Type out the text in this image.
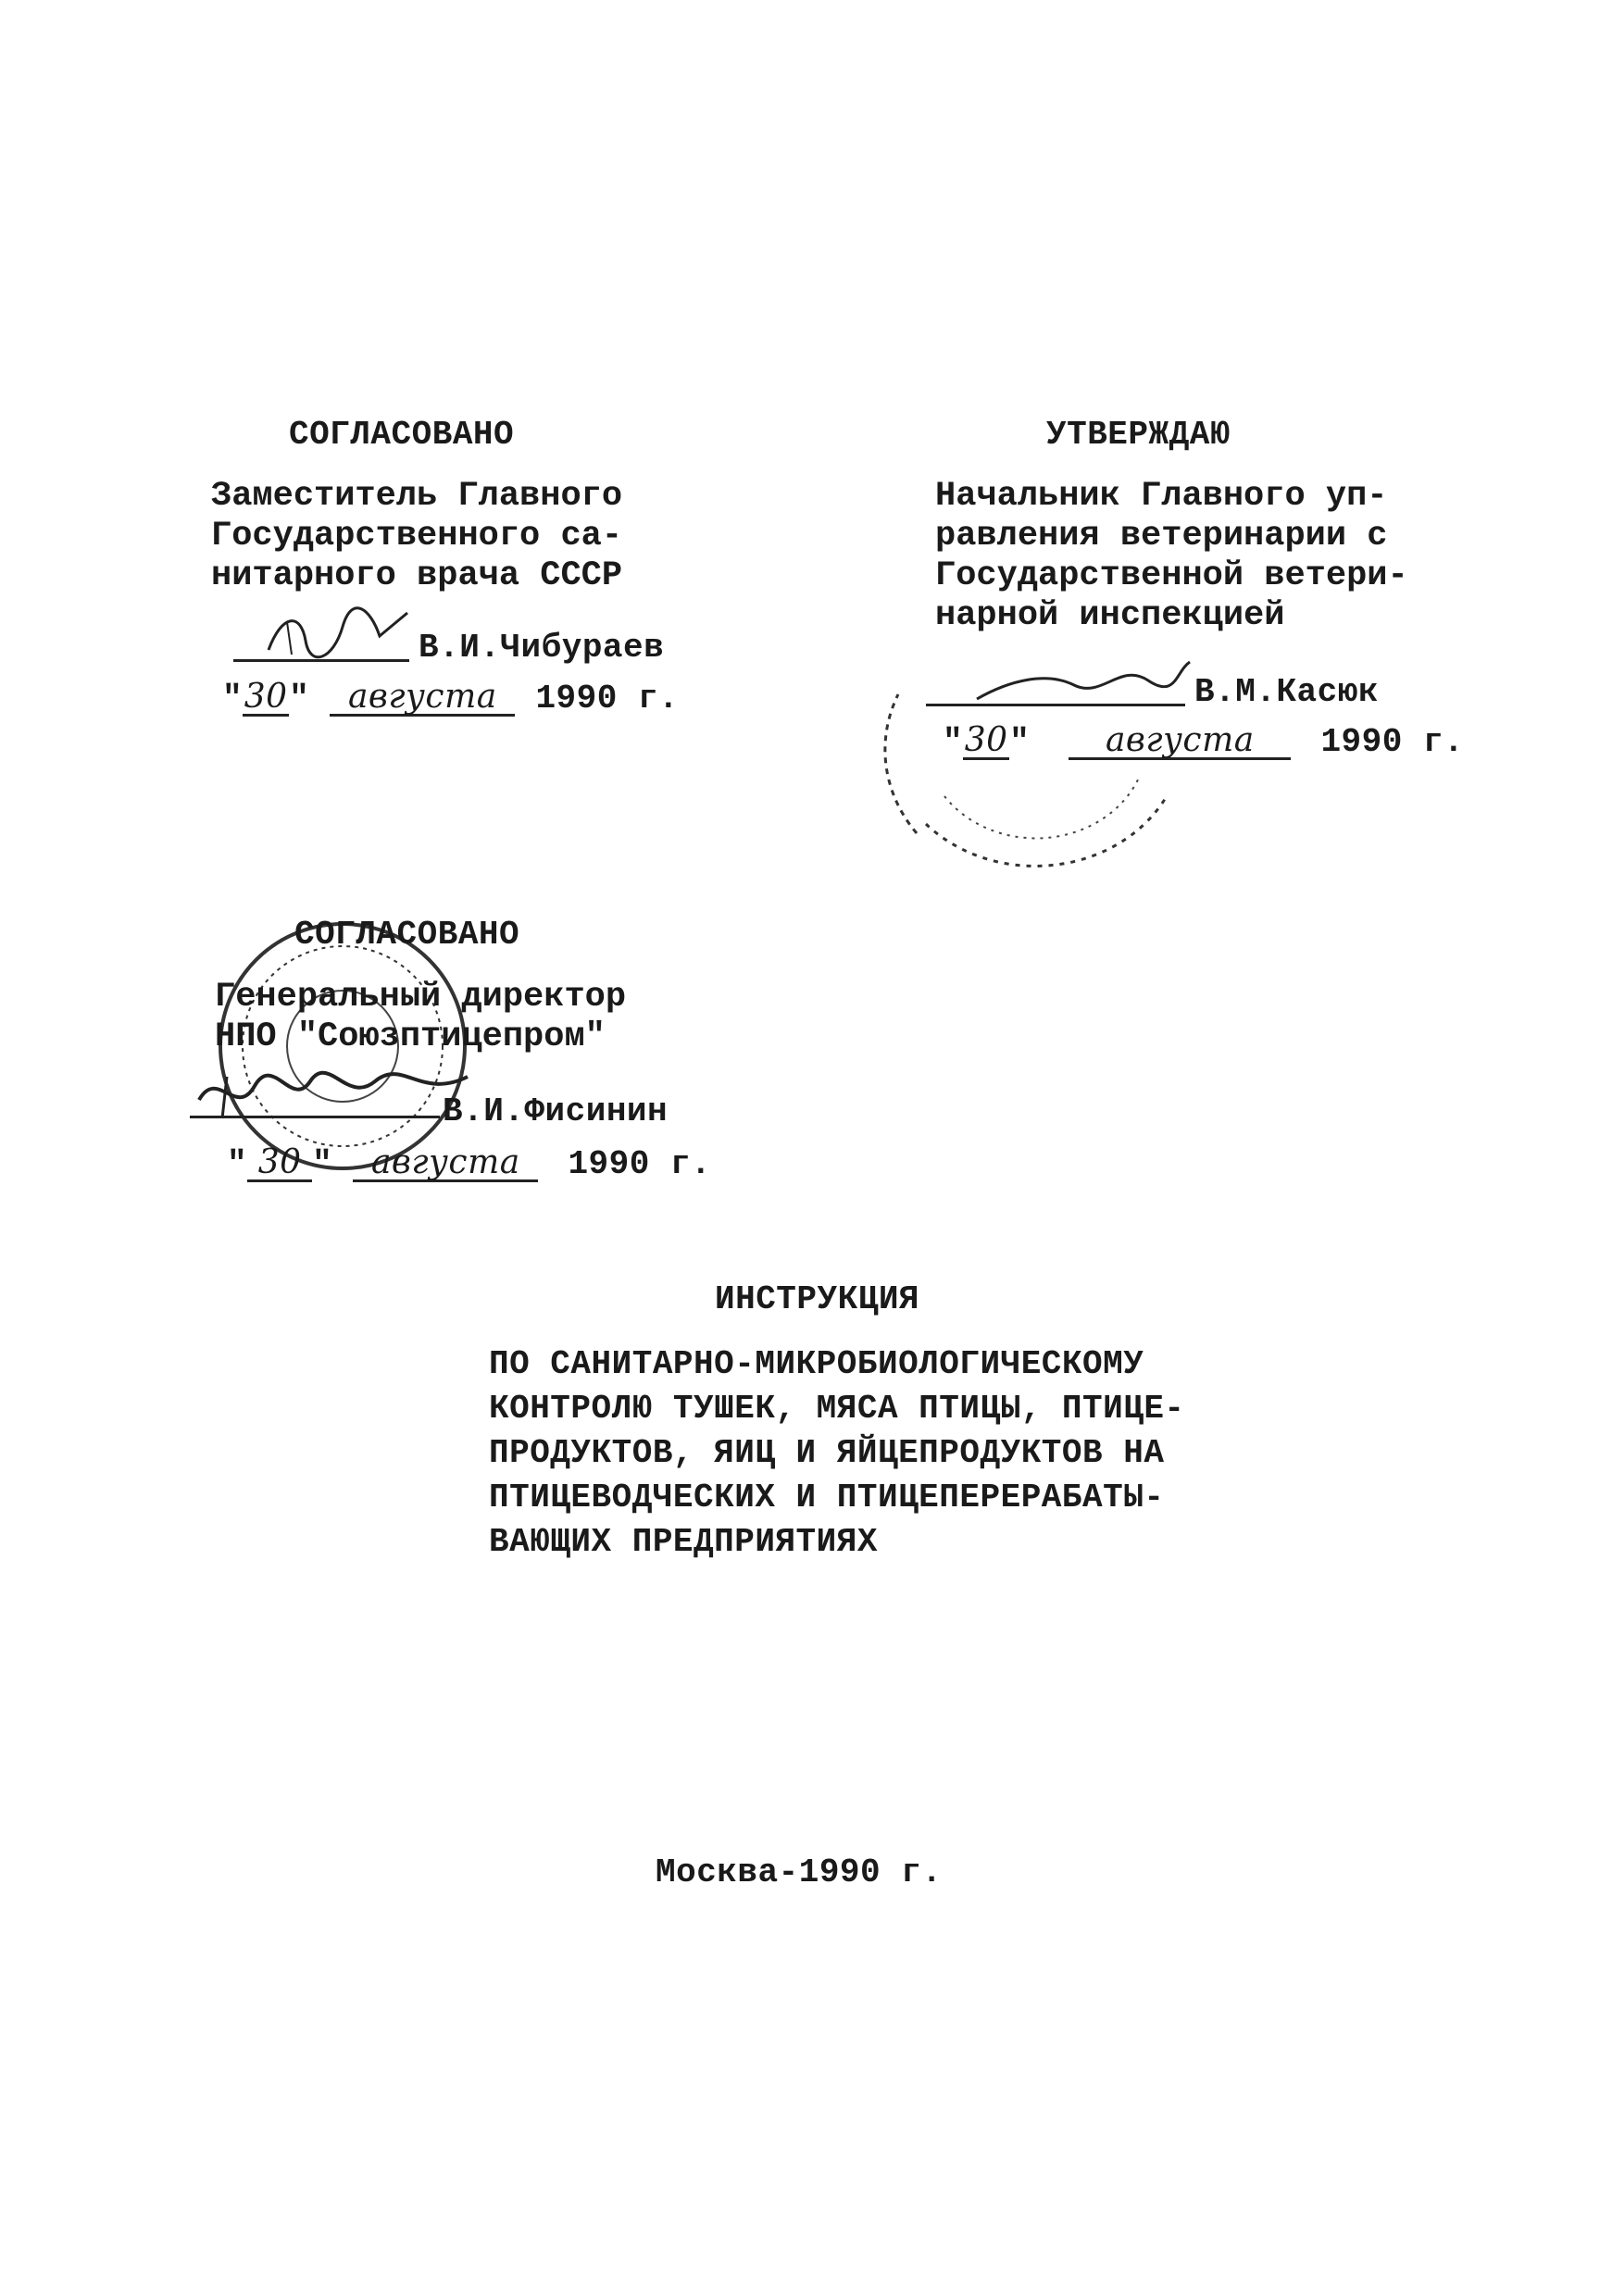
СОГЛАСОВАНО
Заместитель Главного
Государственного са-
нитарного врача СССР
В.И.Чибураев
"30" августа 1990 г.
УТВЕРЖДАЮ
Начальник Главного уп-
равления ветеринарии с
Государственной ветери-
нарной инспекцией
В.М.Касюк
"30" августа 1990 г.
СОГЛАСОВАНО
Генеральный директор
НПО "Союзптицепром"
В.И.Фисинин
" 30 " августа 1990 г.
ИНСТРУКЦИЯ
ПО САНИТАРНО-МИКРОБИОЛОГИЧЕСКОМУ
КОНТРОЛЮ ТУШЕК, МЯСА ПТИЦЫ, ПТИЦЕ-
ПРОДУКТОВ, ЯИЦ И ЯЙЦЕПРОДУКТОВ НА
ПТИЦЕВОДЧЕСКИХ И ПТИЦЕПЕРЕРАБАТЫ-
ВАЮЩИХ ПРЕДПРИЯТИЯХ
Москва-1990 г.
